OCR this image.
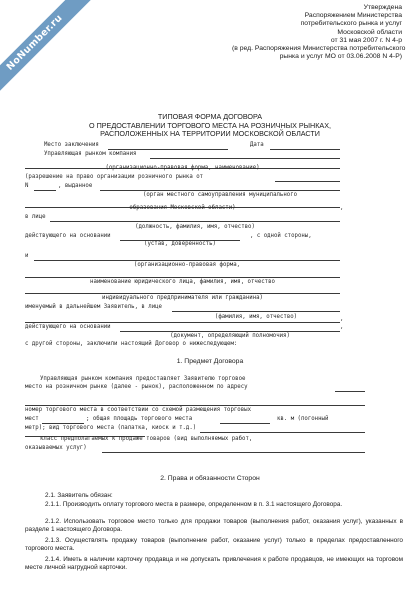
NoNumber.ru
Утверждена
Распоряжением Министерства
потребительского рынка и услуг
Московской области
от 31 мая 2007 г. N 4-р
(в ред. Распоряжения Министерства потребительского
рынка и услуг МО от 03.06.2008 N 4-Р)
ТИПОВАЯ ФОРМА ДОГОВОРА
О ПРЕДОСТАВЛЕНИИ ТОРГОВОГО МЕСТА НА РОЗНИЧНЫХ РЫНКАХ,
РАСПОЛОЖЕННЫХ НА ТЕРРИТОРИИ МОСКОВСКОЙ ОБЛАСТИ
Место заключения	Дата
Управляющая рынком компания
(организационно-правовая форма, наименование)
(разрешение на право организации розничного рынка от
N	, выданное
(орган местного самоуправления муниципального
образования Московской области)	,
в лице
(должность, фамилия, имя, отчество)
действующего на основании	, с одной стороны,
(устав, доверенность)
и
(организационно-правовая форма,
наименование юридического лица, фамилия, имя, отчество
индивидуального предпринимателя или гражданина)
именуемый в дальнейшем Заявитель, в лице
(фамилия, имя, отчество)	,
действующего на основании	,
(документ, определяющий полномочия)
с другой стороны, заключили настоящий Договор о нижеследующем:
1. Предмет Договора
Управляющая рынком компания предоставляет Заявителю торговое
место на розничном рынке (далее - рынок), расположенном по адресу
номер торгового места в соответствии со схемой размещения торговых
мест	; общая площадь торгового места	кв. м (погонный
метр); вид торгового места (палатка, киоск и т.д.)
класс предполагаемых к продаже товаров (вид выполняемых работ,
оказываемых услуг)
2. Права и обязанности Сторон
2.1. Заявитель обязан:
2.1.1. Производить оплату торгового места в размере, определенном в п. 3.1 настоящего Договора.
2.1.2. Использовать торговое место только для продажи товаров (выполнения работ, оказания услуг), указанных в разделе 1 настоящего Договора.
2.1.3. Осуществлять продажу товаров (выполнение работ, оказание услуг) только в пределах предоставленного торгового места.
2.1.4. Иметь в наличии карточку продавца и не допускать привлечения к работе продавцов, не имеющих на торговом месте личной нагрудной карточки.
